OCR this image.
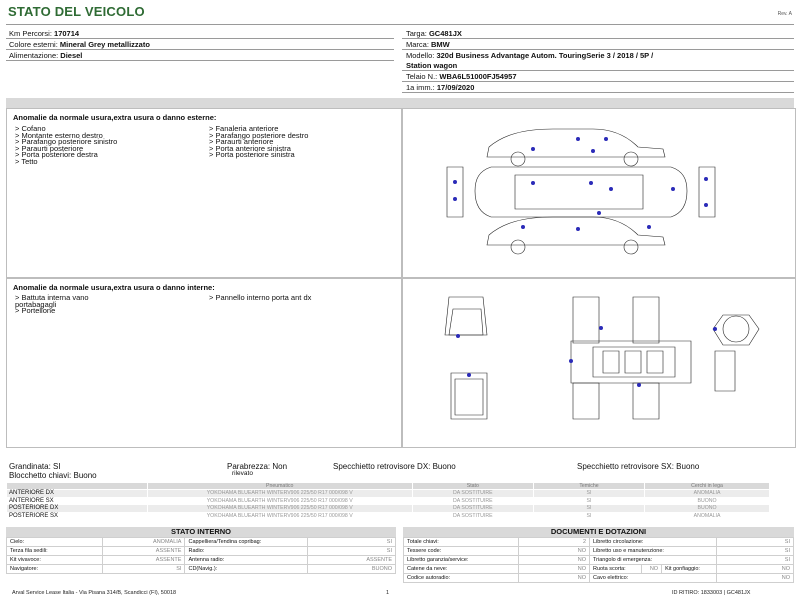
STATO DEL VEICOLO	Rev. A
Km Percorsi: 170714
Colore esterni: Mineral Grey metallizzato
Alimentazione: Diesel
Targa: GC481JX
Marca: BMW
Modello: 320d Business Advantage Autom. TouringSerie 3 / 2018 / 5P /
Station wagon
Telaio N.: WBA6L51000FJ54957
1a imm.: 17/09/2020
Anomalie da normale usura,extra usura o danno esterne:
> Cofano
> Montante esterno destro
> Parafango posteriore sinistro
> Paraurti posteriore
> Porta posteriore destra
> Tetto
> Fanaleria anteriore
> Parafango posteriore destro
> Paraurti anteriore
> Porta anteriore sinistra
> Porta posteriore sinistra
Anomalie da normale usura,extra usura o danno interne:
> Battuta interna vano
portabagagli
> Portellone
> Pannello interno porta ant dx
Grandinata: SI	Parabrezza: Non
rilevato
Specchietto retrovisore DX: Buono	Specchietto retrovisore SX: Buono
Blocchetto chiavi: Buono
	Pneumatico	Stato	Temiche	Cerchi in lega
ANTERIORE DX	YOKOHAMA BLUEARTH WINTERV906 225/50 R17 000/098 V	DA SOSTITUIRE	SI	ANOMALIA
ANTERIORE SX	YOKOHAMA BLUEARTH WINTERV906 225/50 R17 000/098 V	DA SOSTITUIRE	SI	BUONO
POSTERIORE DX	YOKOHAMA BLUEARTH WINTERV906 225/50 R17 000/098 V	DA SOSTITUIRE	SI	BUONO
POSTERIORE SX	YOKOHAMA BLUEARTH WINTERV906 225/50 R17 000/098 V	DA SOSTITUIRE	SI	ANOMALIA
STATO INTERNO
Cielo:	ANOMALIA	Cappelliera/Tendina copribag:	SI
Terza fila sedili:	ASSENTE	Radio:	SI
Kit vivavoce:	ASSENTE	Antenna radio:	ASSENTE
Navigatore:	SI	CD(Navig.):	BUONO
DOCUMENTI E DOTAZIONI
Totale chiavi:	2	Libretto circolazione:			SI
Tessere code:	NO	Libretto uso e manutenzione:			SI
Libretto garanzia/service:	NO	Triangolo di emergenza:			SI
Catene da neve:	NO	Ruota scorta:	NO	Kit gonfiaggio:	NO
Codice autoradio:	NO	Cavo elettrico:			NO
Arval Service Lease Italia - Via Pisana 314/B, Scandicci (FI), 50018	1	ID RITIRO: 1833003 | GC481JX
